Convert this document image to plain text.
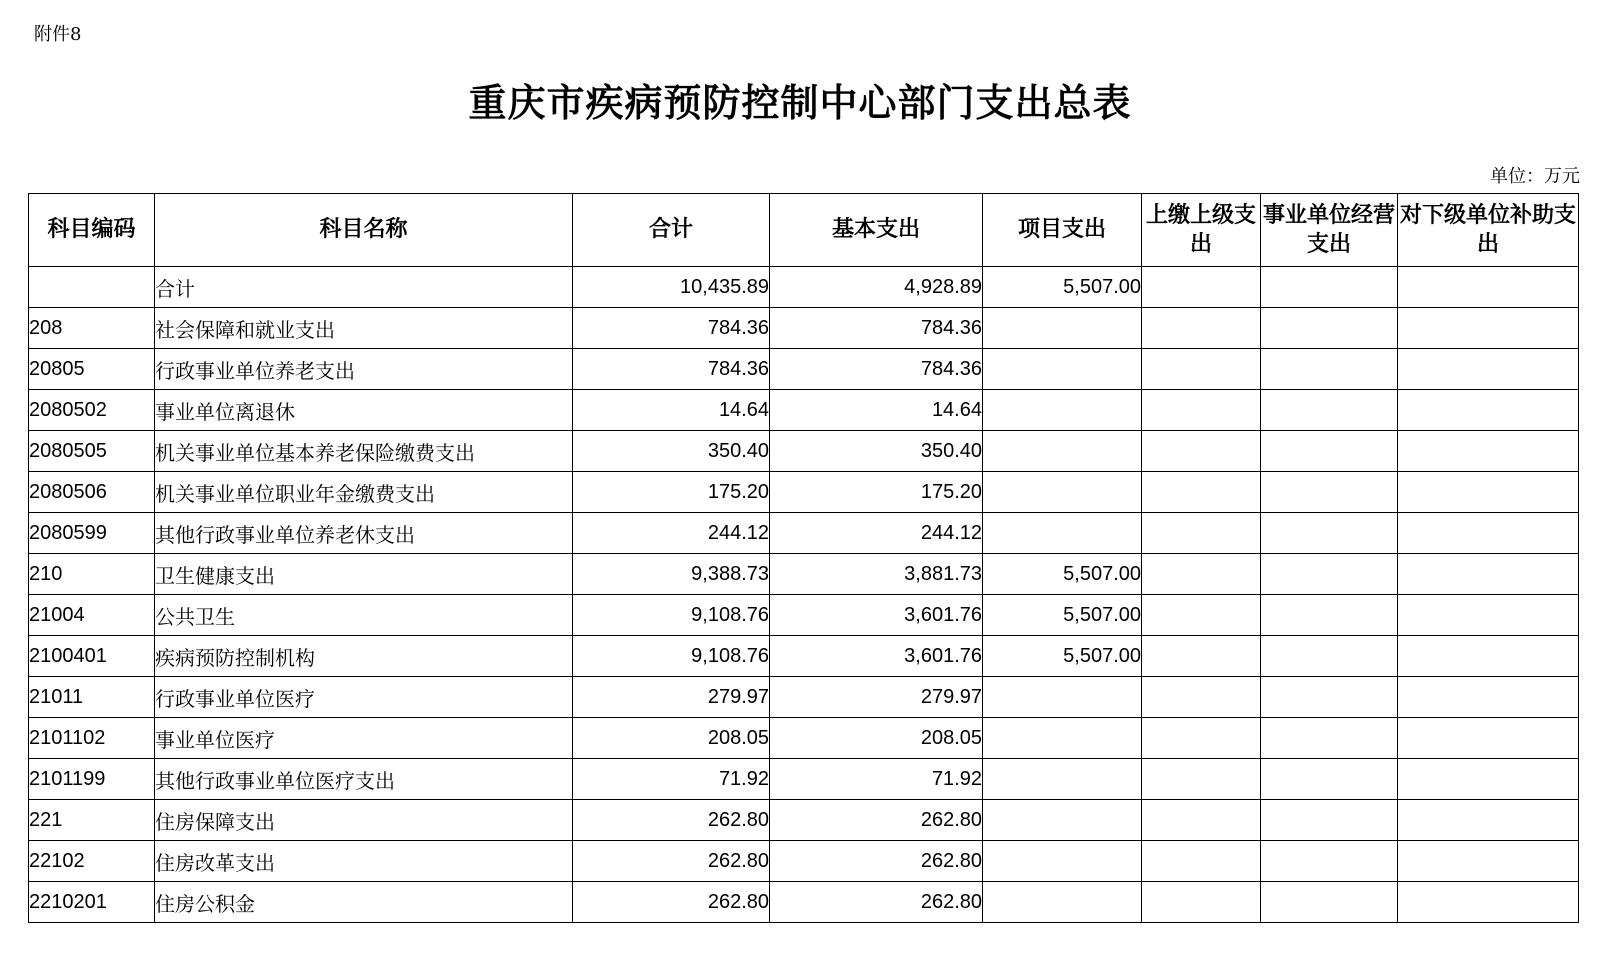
附件8
重庆市疾病预防控制中心部门支出总表
单位：万元
科目编码	科目名称	合计	基本支出	项目支出	上缴上级支出	事业单位经营支出	对下级单位补助支出
	合计	10,435.89	4,928.89	5,507.00			
208	社会保障和就业支出	784.36	784.36				
20805	行政事业单位养老支出	784.36	784.36				
2080502	事业单位离退休	14.64	14.64				
2080505	机关事业单位基本养老保险缴费支出	350.40	350.40				
2080506	机关事业单位职业年金缴费支出	175.20	175.20				
2080599	其他行政事业单位养老休支出	244.12	244.12				
210	卫生健康支出	9,388.73	3,881.73	5,507.00			
21004	公共卫生	9,108.76	3,601.76	5,507.00			
2100401	疾病预防控制机构	9,108.76	3,601.76	5,507.00			
21011	行政事业单位医疗	279.97	279.97				
2101102	事业单位医疗	208.05	208.05				
2101199	其他行政事业单位医疗支出	71.92	71.92				
221	住房保障支出	262.80	262.80				
22102	住房改革支出	262.80	262.80				
2210201	住房公积金	262.80	262.80				
